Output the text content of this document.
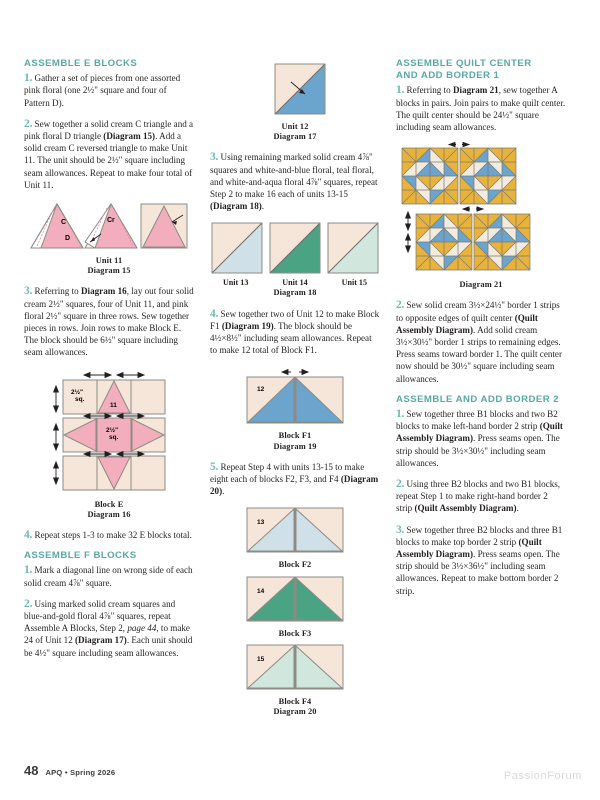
ASSEMBLE E BLOCKS

1. Gather a set of pieces from one assorted pink floral (one 2½" square and four of Pattern D).

2. Sew together a solid cream C triangle and a pink floral D triangle (Diagram 15). Add a solid cream C reversed triangle to make Unit 11. The unit should be 2½" square including seam allowances. Repeat to make four total of Unit 11.

C
D
Cr
Unit 11
Diagram 15

3. Referring to Diagram 16, lay out four solid cream 2½" squares, four of Unit 11, and pink floral 2½" square in three rows. Sew together pieces in rows. Join rows to make Block E. The block should be 6½" square including seam allowances.

2½"
sq.
11
2½"
sq.
Block E
Diagram 16

4. Repeat steps 1-3 to make 32 E blocks total.

ASSEMBLE F BLOCKS

1. Mark a diagonal line on wrong side of each solid cream 4⅞" square.

2. Using marked solid cream squares and blue-and-gold floral 4⅞" squares, repeat Assemble A Blocks, Step 2, page 44, to make 24 of Unit 12 (Diagram 17). Each unit should be 4½" square including seam allowances.

Unit 12
Diagram 17

3. Using remaining marked solid cream 4⅞" squares and white-and-blue floral, teal floral, and white-and-aqua floral 4⅞" squares, repeat Step 2 to make 16 each of units 13-15 (Diagram 18).

Unit 13	Unit 14	Unit 15
Diagram 18

4. Sew together two of Unit 12 to make Block F1 (Diagram 19). The block should be 4½×8½" including seam allowances. Repeat to make 12 total of Block F1.

12
Block F1
Diagram 19

5. Repeat Step 4 with units 13-15 to make eight each of blocks F2, F3, and F4 (Diagram 20).

13
Block F2
14
Block F3
15
Block F4
Diagram 20
ASSEMBLE QUILT CENTER
AND ADD BORDER 1

1. Referring to Diagram 21, sew together A blocks in pairs. Join pairs to make quilt center. The quilt center should be 24½" square including seam allowances.

Diagram 21

2. Sew solid cream 3½×24½" border 1 strips to opposite edges of quilt center (Quilt Assembly Diagram). Add solid cream 3½×30½" border 1 strips to remaining edges. Press seams toward border 1. The quilt center now should be 30½" square including seam allowances.

ASSEMBLE AND ADD BORDER 2

1. Sew together three B1 blocks and two B2 blocks to make left-hand border 2 strip (Quilt Assembly Diagram). Press seams open. The strip should be 3½×30½" including seam allowances.

2. Using three B2 blocks and two B1 blocks, repeat Step 1 to make right-hand border 2 strip (Quilt Assembly Diagram).

3. Sew together three B2 blocks and three B1 blocks to make top border 2 strip (Quilt Assembly Diagram). Press seams open. The strip should be 3½×36½" including seam allowances. Repeat to make bottom border 2 strip.

48 APQ • Spring 2026	PassionForum
